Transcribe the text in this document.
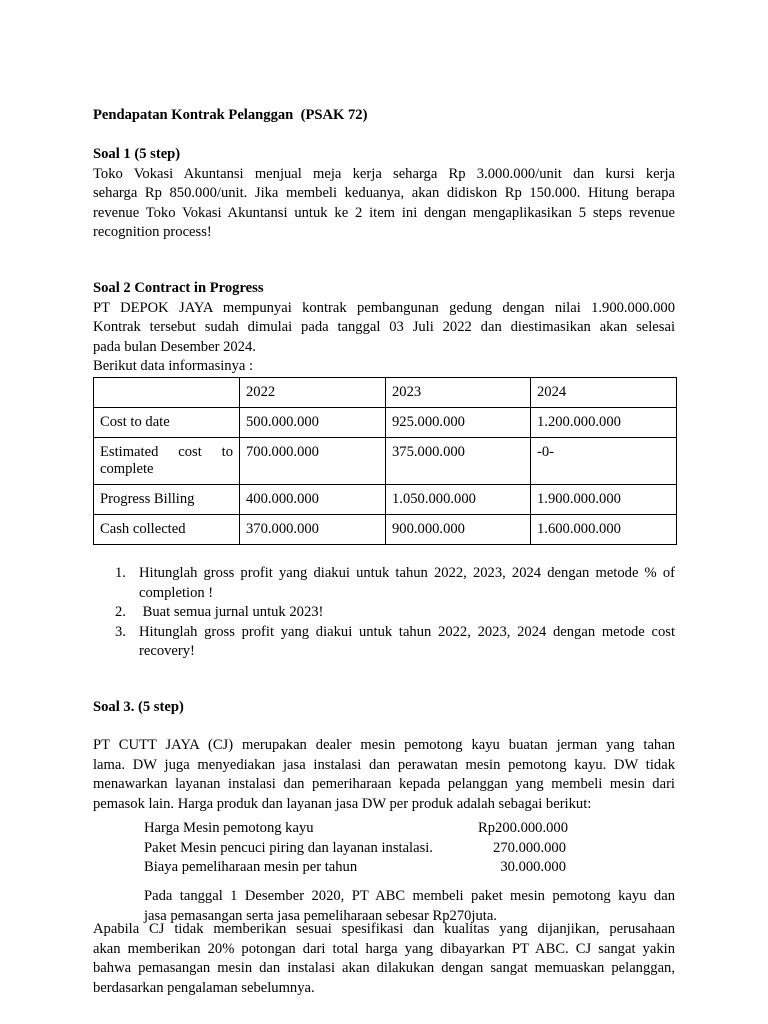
Pendapatan Kontrak Pelanggan  (PSAK 72)

Soal 1 (5 step)

Toko Vokasi Akuntansi menjual meja kerja seharga Rp 3.000.000/unit dan kursi kerja

seharga Rp 850.000/unit. Jika membeli keduanya, akan didiskon Rp 150.000. Hitung berapa

revenue Toko Vokasi Akuntansi untuk ke 2 item ini dengan mengaplikasikan 5 steps revenue

recognition process!

Soal 2 Contract in Progress

PT DEPOK JAYA mempunyai kontrak pembangunan gedung dengan nilai 1.900.000.000

Kontrak tersebut sudah dimulai pada tanggal 03 Juli 2022 dan diestimasikan akan selesai

pada bulan Desember 2024.

Berikut data informasinya :

	2022	2023	2024
Cost to date	500.000.000	925.000.000	1.200.000.000

Estimated cost to
complete	700.000.000	375.000.000	-0-
Progress Billing	400.000.000	1.050.000.000	1.900.000.000
Cash collected	370.000.000	900.000.000	1.600.000.000
1. Hitunglah gross profit yang diakui untuk tahun 2022, 2023, 2024 dengan metode % of completion !
2. Buat semua jurnal untuk 2023!
3. Hitunglah gross profit yang diakui untuk tahun 2022, 2023, 2024 dengan metode cost recovery!

Soal 3. (5 step)

PT CUTT JAYA (CJ) merupakan dealer mesin pemotong kayu buatan jerman yang tahan

lama. DW juga menyediakan jasa instalasi dan perawatan mesin pemotong kayu. DW tidak

menawarkan layanan instalasi dan pemeriharaan kepada pelanggan yang membeli mesin dari

pemasok lain. Harga produk dan layanan jasa DW per produk adalah sebagai berikut:

Harga Mesin pemotong kayu	Rp200.000.000
Paket Mesin pencuci piring dan layanan instalasi.	270.000.000
Biaya pemeliharaan mesin per tahun	30.000.000

Pada tanggal 1 Desember 2020, PT ABC membeli paket mesin pemotong kayu dan

jasa pemasangan serta jasa pemeliharaan sebesar Rp270juta.

Apabila CJ tidak memberikan sesuai spesifikasi dan kualitas yang dijanjikan, perusahaan

akan memberikan 20% potongan dari total harga yang dibayarkan PT ABC. CJ sangat yakin

bahwa pemasangan mesin dan instalasi akan dilakukan dengan sangat memuaskan pelanggan,

berdasarkan pengalaman sebelumnya.
